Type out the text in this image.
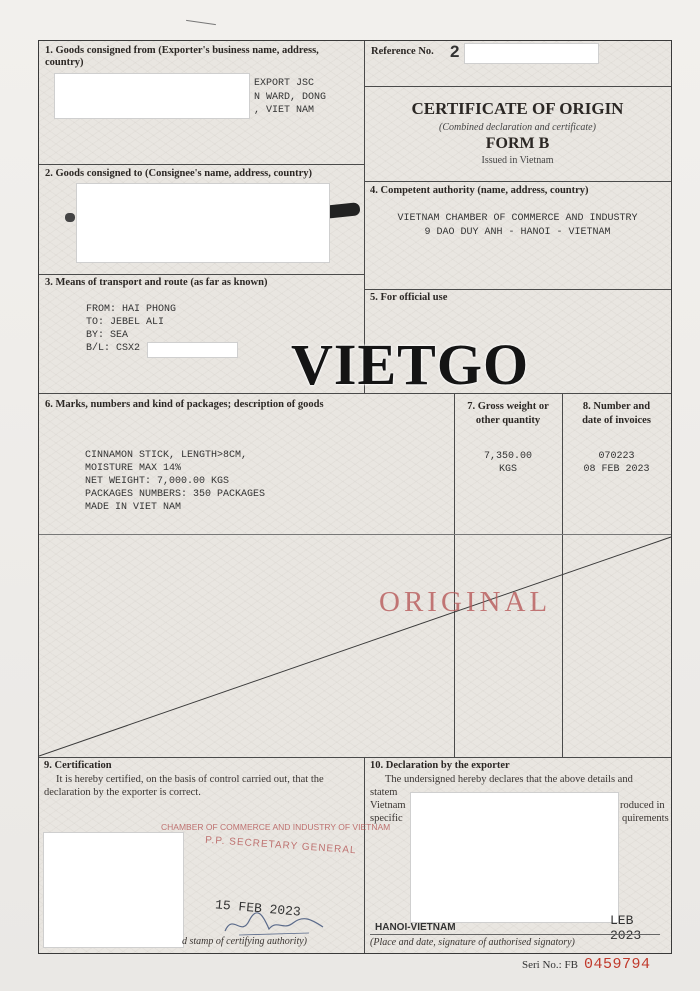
1. Goods consigned from (Exporter's business name, address, country)
EXPORT JSC
N WARD, DONG
, VIET NAM
Reference No. 2
CERTIFICATE OF ORIGIN
(Combined declaration and certificate)
FORM B
Issued in Vietnam
2. Goods consigned to (Consignee's name, address, country)
3. Means of transport and route (as far as known)
FROM: HAI PHONG
TO: JEBEL ALI
BY: SEA
B/L: CSX2
4. Competent authority (name, address, country)
VIETNAM CHAMBER OF COMMERCE AND INDUSTRY
9 DAO DUY ANH - HANOI - VIETNAM
5. For official use
6. Marks, numbers and kind of packages; description of goods
CINNAMON STICK, LENGTH>8CM,
MOISTURE MAX 14%
NET WEIGHT: 7,000.00 KGS
PACKAGES NUMBERS: 350 PACKAGES
MADE IN VIET NAM
7. Gross weight or
other quantity
7,350.00
KGS
8. Number and
date of invoices
070223
08 FEB 2023
ORIGINAL
9. Certification
It is hereby certified, on the basis of control carried out, that the
declaration by the exporter is correct.
CHAMBER OF COMMERCE AND INDUSTRY OF VIETNAM
P.P. SECRETARY GENERAL
15 FEB 2023
d stamp of certifying authority)
10. Declaration by the exporter
The undersigned hereby declares that the above details and
statem
Vietnam	roduced in
specific	quirements
HANOI-VIETNAM	LEB 2023
(Place and date, signature of authorised signatory)
VIETGO
Seri No.: FB 0459794
